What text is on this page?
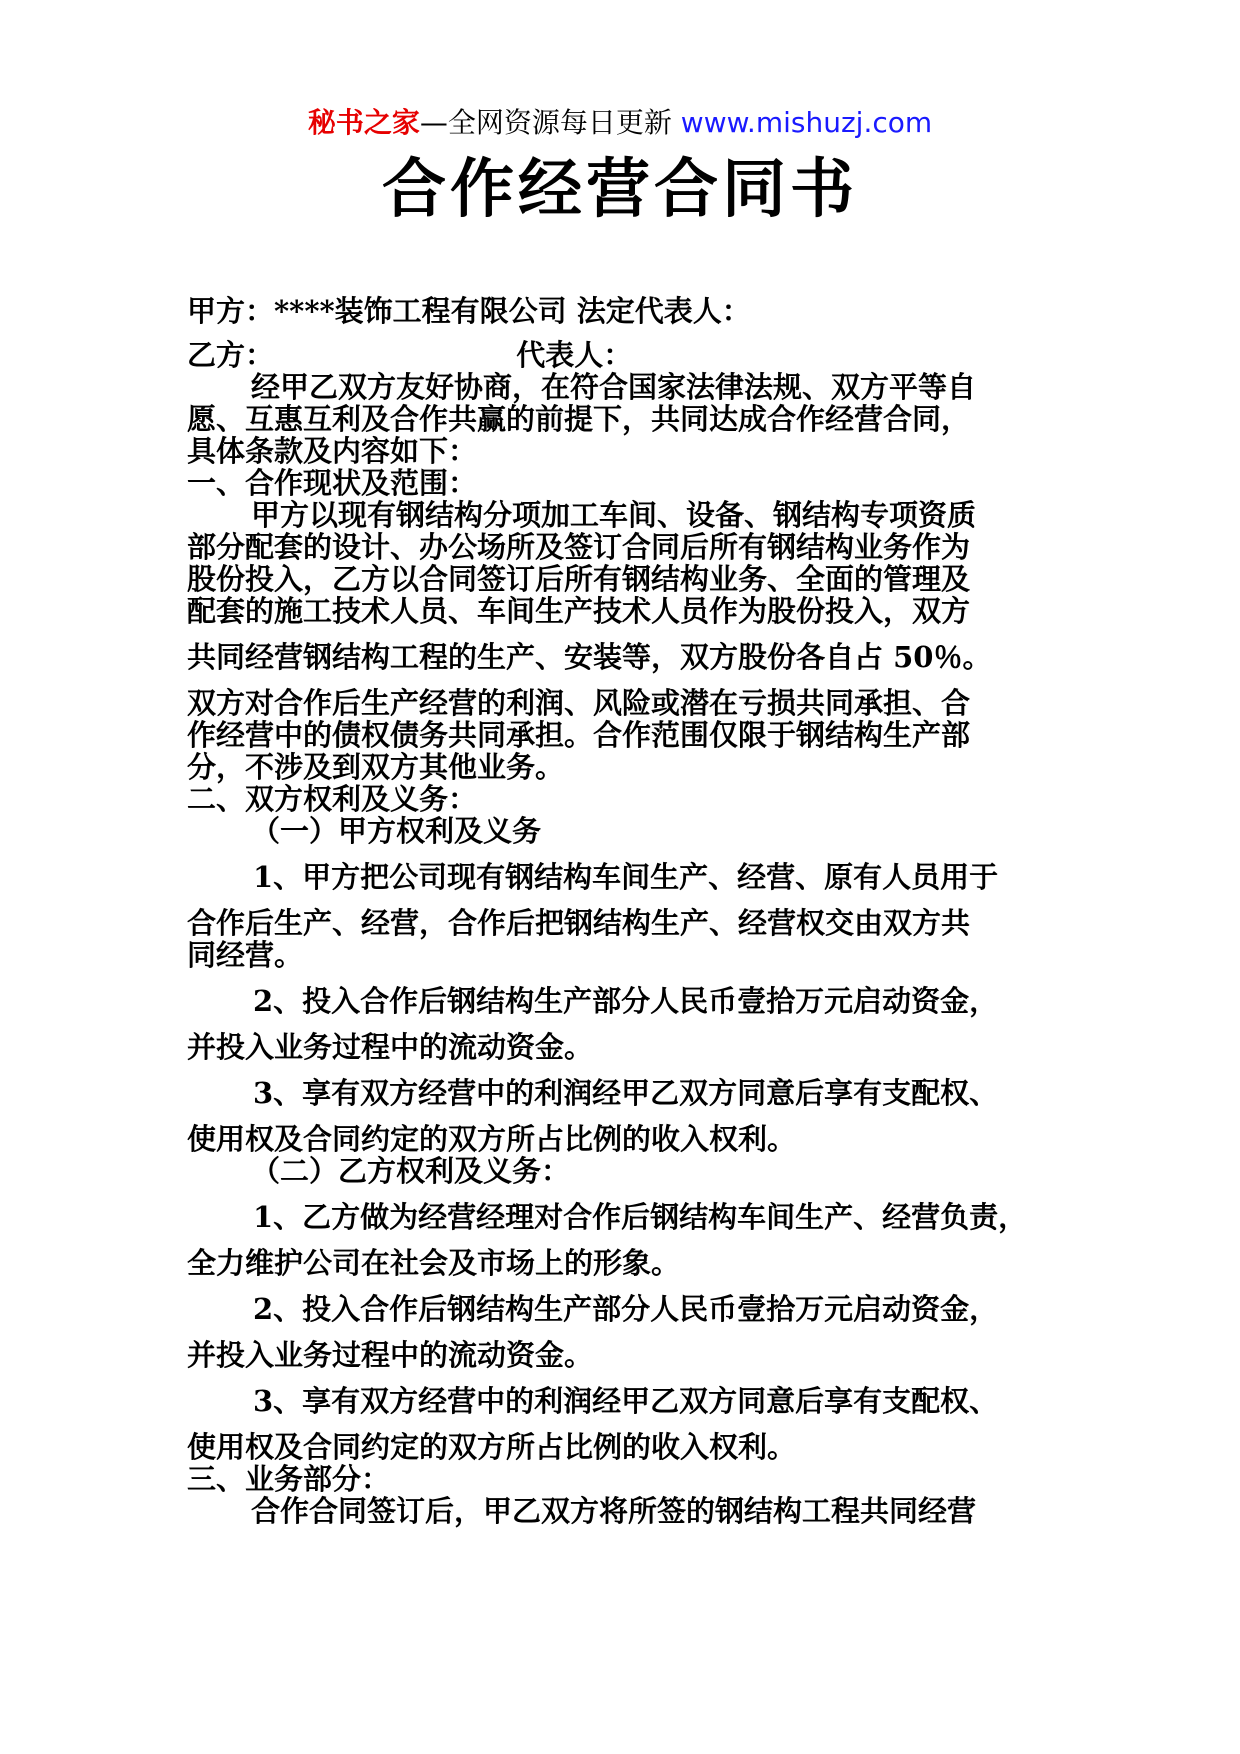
秘书之家—全网资源每日更新 www.mishuzj.com
合作经营合同书

甲方：****装饰工程有限公司 法定代表人：

乙方：                        代表人：

经甲乙双方友好协商，在符合国家法律法规、双方平等自

愿、互惠互利及合作共赢的前提下，共同达成合作经营合同，

具体条款及内容如下：

一、合作现状及范围：

甲方以现有钢结构分项加工车间、设备、钢结构专项资质

部分配套的设计、办公场所及签订合同后所有钢结构业务作为

股份投入，乙方以合同签订后所有钢结构业务、全面的管理及

配套的施工技术人员、车间生产技术人员作为股份投入，双方

共同经营钢结构工程的生产、安装等，双方股份各自占 50％。

双方对合作后生产经营的利润、风险或潜在亏损共同承担、合

作经营中的债权债务共同承担。合作范围仅限于钢结构生产部

分，不涉及到双方其他业务。

二、双方权利及义务：

（一）甲方权利及义务

1、甲方把公司现有钢结构车间生产、经营、原有人员用于

合作后生产、经营，合作后把钢结构生产、经营权交由双方共

同经营。

2、投入合作后钢结构生产部分人民币壹拾万元启动资金，

并投入业务过程中的流动资金。

3、享有双方经营中的利润经甲乙双方同意后享有支配权、

使用权及合同约定的双方所占比例的收入权利。

（二）乙方权利及义务：

1、乙方做为经营经理对合作后钢结构车间生产、经营负责，

全力维护公司在社会及市场上的形象。

2、投入合作后钢结构生产部分人民币壹拾万元启动资金，

并投入业务过程中的流动资金。

3、享有双方经营中的利润经甲乙双方同意后享有支配权、

使用权及合同约定的双方所占比例的收入权利。

三、业务部分：

合作合同签订后，甲乙双方将所签的钢结构工程共同经营
